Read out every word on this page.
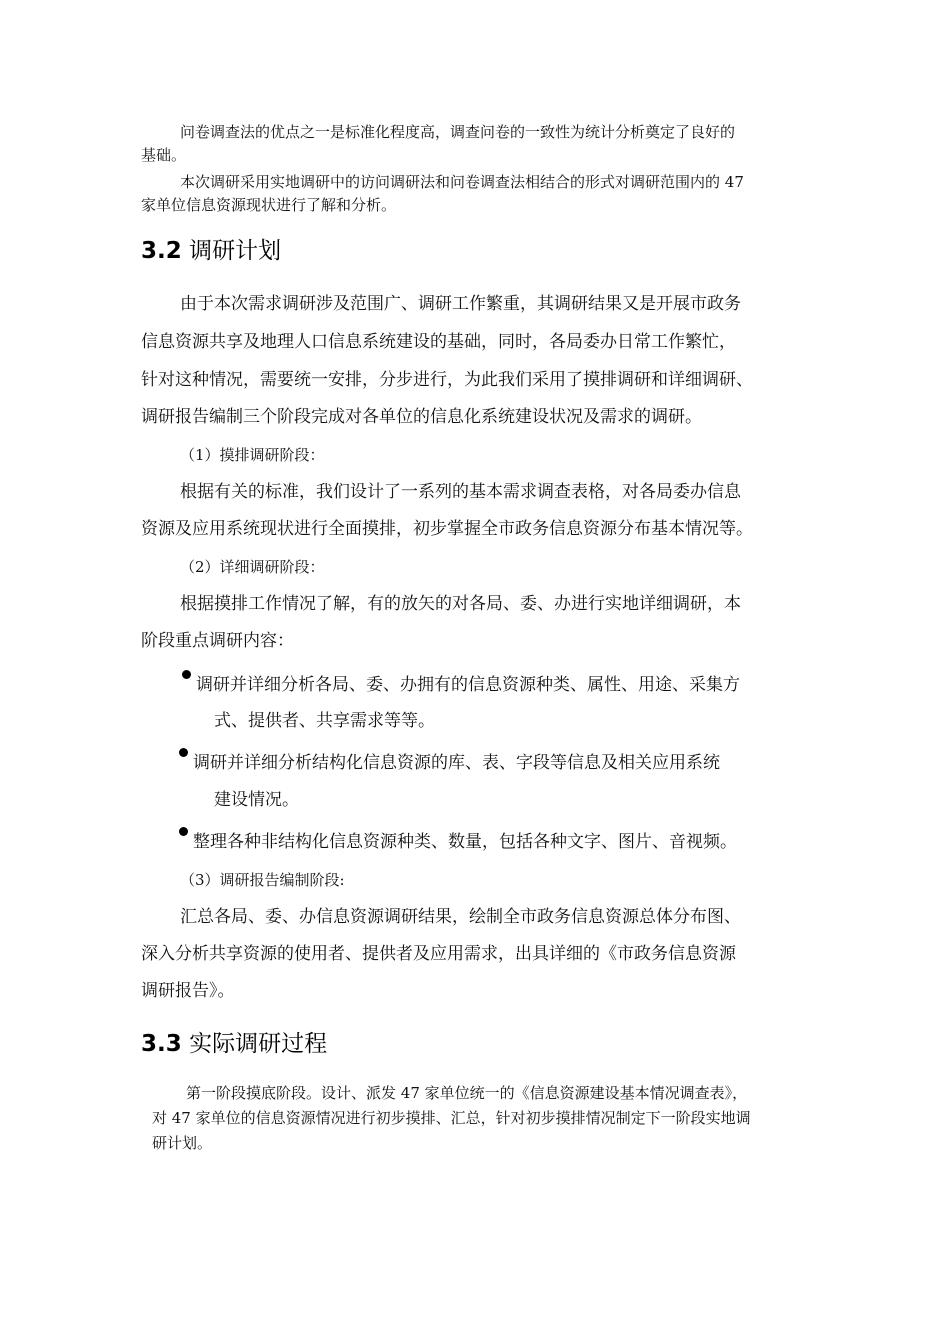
问卷调查法的优点之一是标准化程度高，调查问卷的一致性为统计分析奠定了良好的

基础。

本次调研采用实地调研中的访问调研法和问卷调查法相结合的形式对调研范围内的 47

家单位信息资源现状进行了解和分析。

3.2 调研计划

由于本次需求调研涉及范围广、调研工作繁重，其调研结果又是开展市政务

信息资源共享及地理人口信息系统建设的基础，同时，各局委办日常工作繁忙，

针对这种情况，需要统一安排，分步进行，为此我们采用了摸排调研和详细调研、

调研报告编制三个阶段完成对各单位的信息化系统建设状况及需求的调研。

（1）摸排调研阶段：

根据有关的标准，我们设计了一系列的基本需求调查表格，对各局委办信息

资源及应用系统现状进行全面摸排，初步掌握全市政务信息资源分布基本情况等。

（2）详细调研阶段：

根据摸排工作情况了解，有的放矢的对各局、委、办进行实地详细调研，本

阶段重点调研内容：

调研并详细分析各局、委、办拥有的信息资源种类、属性、用途、采集方

式、提供者、共享需求等等。

调研并详细分析结构化信息资源的库、表、字段等信息及相关应用系统

建设情况。

整理各种非结构化信息资源种类、数量，包括各种文字、图片、音视频。

（3）调研报告编制阶段:

汇总各局、委、办信息资源调研结果，绘制全市政务信息资源总体分布图、

深入分析共享资源的使用者、提供者及应用需求，出具详细的《市政务信息资源

调研报告》。

3.3 实际调研过程

第一阶段摸底阶段。设计、派发 47 家单位统一的《信息资源建设基本情况调查表》，

对 47 家单位的信息资源情况进行初步摸排、汇总，针对初步摸排情况制定下一阶段实地调

研计划。
